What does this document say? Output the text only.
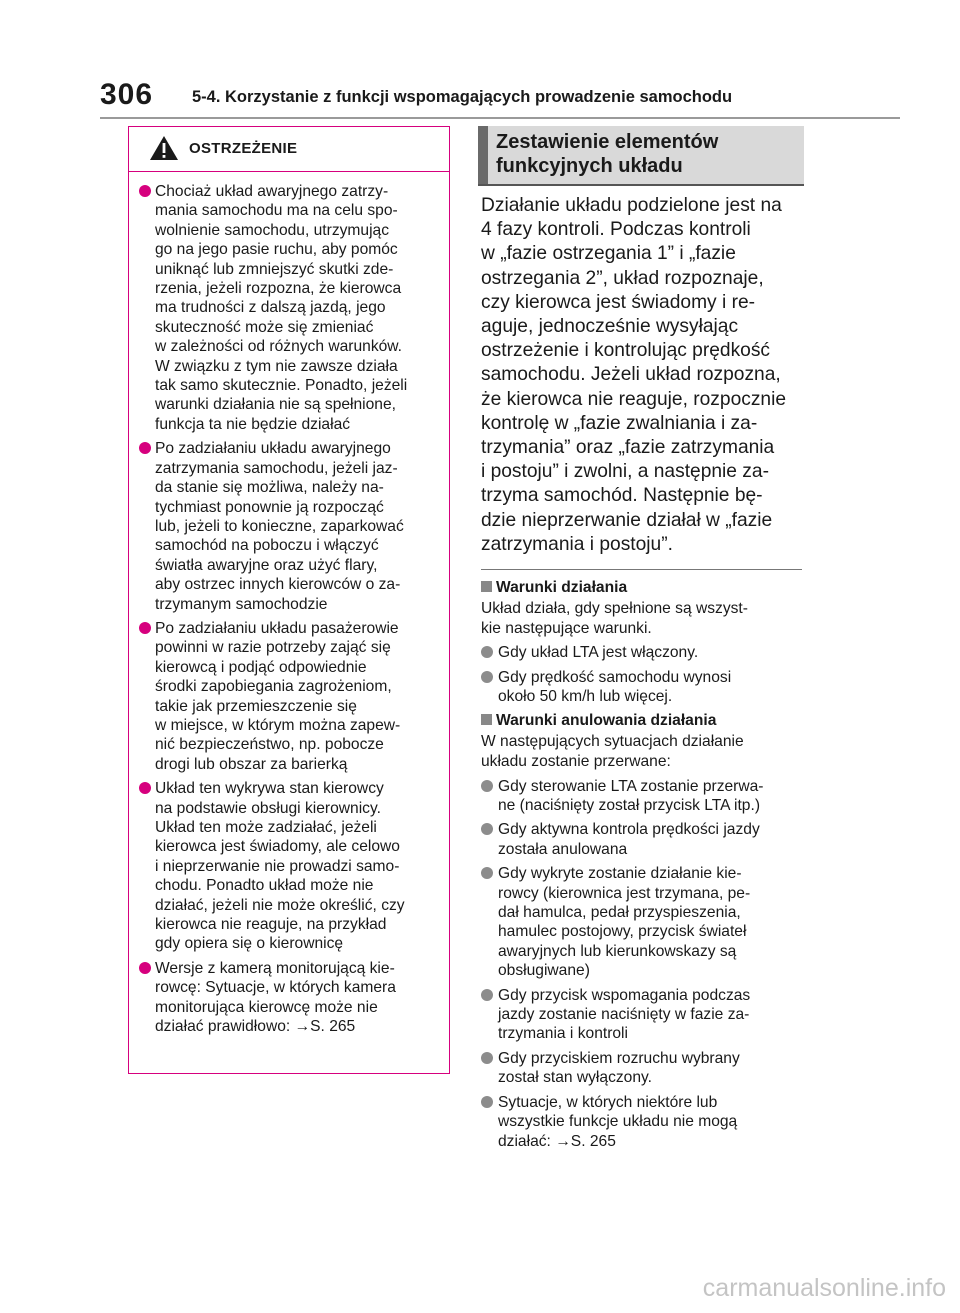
306 5-4. Korzystanie z funkcji wspomagających prowadzenie samochodu
OSTRZEŻENIE
Chociaż układ awaryjnego zatrzy-
mania samochodu ma na celu spo-
wolnienie samochodu, utrzymując
go na jego pasie ruchu, aby pomóc
uniknąć lub zmniejszyć skutki zde-
rzenia, jeżeli rozpozna, że kierowca
ma trudności z dalszą jazdą, jego
skuteczność może się zmieniać
w zależności od różnych warunków.
W związku z tym nie zawsze działa
tak samo skutecznie. Ponadto, jeżeli
warunki działania nie są spełnione,
funkcja ta nie będzie działać
Po zadziałaniu układu awaryjnego
zatrzymania samochodu, jeżeli jaz-
da stanie się możliwa, należy na-
tychmiast ponownie ją rozpocząć
lub, jeżeli to konieczne, zaparkować
samochód na poboczu i włączyć
światła awaryjne oraz użyć flary,
aby ostrzec innych kierowców o za-
trzymanym samochodzie
Po zadziałaniu układu pasażerowie
powinni w razie potrzeby zająć się
kierowcą i podjąć odpowiednie
środki zapobiegania zagrożeniom,
takie jak przemieszczenie się
w miejsce, w którym można zapew-
nić bezpieczeństwo, np. pobocze
drogi lub obszar za barierką
Układ ten wykrywa stan kierowcy
na podstawie obsługi kierownicy.
Układ ten może zadziałać, jeżeli
kierowca jest świadomy, ale celowo
i nieprzerwanie nie prowadzi samo-
chodu. Ponadto układ może nie
działać, jeżeli nie może określić, czy
kierowca nie reaguje, na przykład
gdy opiera się o kierownicę
Wersje z kamerą monitorującą kie-
rowcę: Sytuacje, w których kamera
monitorująca kierowcę może nie
działać prawidłowo: →S. 265
Zestawienie elementów
funkcyjnych układu
Działanie układu podzielone jest na
4 fazy kontroli. Podczas kontroli
w „fazie ostrzegania 1” i „fazie
ostrzegania 2”, układ rozpoznaje,
czy kierowca jest świadomy i re-
aguje, jednocześnie wysyłając
ostrzeżenie i kontrolując prędkość
samochodu. Jeżeli układ rozpozna,
że kierowca nie reaguje, rozpocznie
kontrolę w „fazie zwalniania i za-
trzymania” oraz „fazie zatrzymania
i postoju” i zwolni, a następnie za-
trzyma samochód. Następnie bę-
dzie nieprzerwanie działał w „fazie
zatrzymania i postoju”.
Warunki działania
Układ działa, gdy spełnione są wszyst-
kie następujące warunki.
Gdy układ LTA jest włączony.
Gdy prędkość samochodu wynosi
około 50 km/h lub więcej.
Warunki anulowania działania
W następujących sytuacjach działanie
układu zostanie przerwane:
Gdy sterowanie LTA zostanie przerwa-
ne (naciśnięty został przycisk LTA itp.)
Gdy aktywna kontrola prędkości jazdy
została anulowana
Gdy wykryte zostanie działanie kie-
rowcy (kierownica jest trzymana, pe-
dał hamulca, pedał przyspieszenia,
hamulec postojowy, przycisk świateł
awaryjnych lub kierunkowskazy są
obsługiwane)
Gdy przycisk wspomagania podczas
jazdy zostanie naciśnięty w fazie za-
trzymania i kontroli
Gdy przyciskiem rozruchu wybrany
został stan wyłączony.
Sytuacje, w których niektóre lub
wszystkie funkcje układu nie mogą
działać: →S. 265
carmanualsonline.info
